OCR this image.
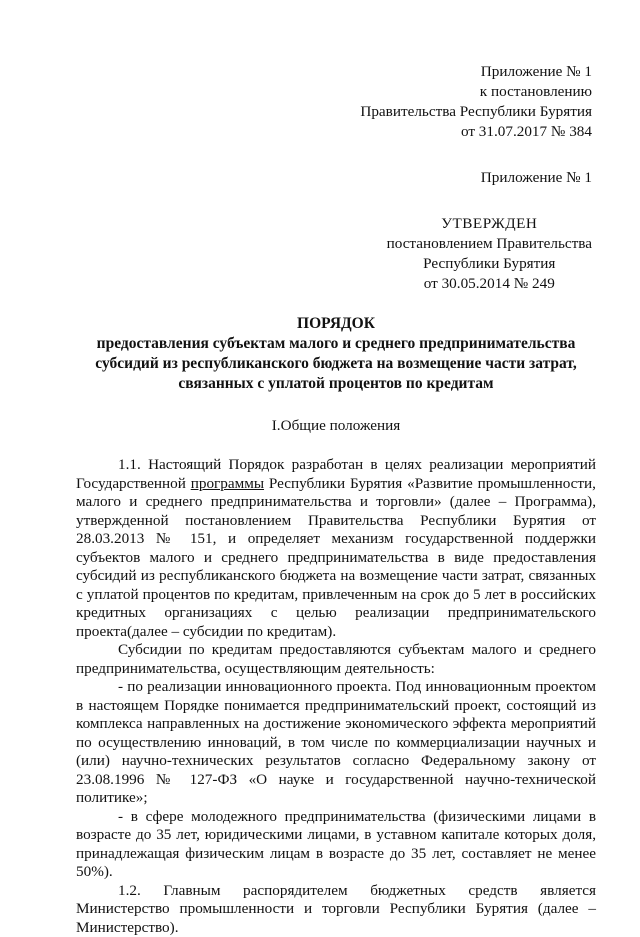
Приложение № 1
к постановлению
Правительства Республики Бурятия
от 31.07.2017 № 384
Приложение № 1
УТВЕРЖДЕН
постановлением Правительства
Республики Бурятия
от 30.05.2014 № 249
ПОРЯДОК
предоставления субъектам малого и среднего предпринимательства
субсидий из республиканского бюджета на возмещение части затрат,
связанных с уплатой процентов по кредитам
I.Общие положения

1.1. Настоящий Порядок разработан в целях реализации мероприятий Государственной программы Республики Бурятия «Развитие промышленности, малого и среднего предпринимательства и торговли» (далее – Программа), утвержденной постановлением Правительства Республики Бурятия от 28.03.2013 № 151, и определяет механизм государственной поддержки субъектов малого и среднего предпринимательства в виде предоставления субсидий из республиканского бюджета на возмещение части затрат, связанных с уплатой процентов по кредитам, привлеченным на срок до 5 лет в российских кредитных организациях с целью реализации предпринимательского проекта(далее – субсидии по кредитам).

Субсидии по кредитам предоставляются субъектам малого и среднего предпринимательства, осуществляющим деятельность:

- по реализации инновационного проекта. Под инновационным проектом в настоящем Порядке понимается предпринимательский проект, состоящий из комплекса направленных на достижение экономического эффекта мероприятий по осуществлению инноваций, в том числе по коммерциализации научных и (или) научно-технических результатов согласно Федеральному закону от 23.08.1996 № 127-ФЗ «О науке и государственной научно-технической политике»;

- в сфере молодежного предпринимательства (физическими лицами в возрасте до 35 лет, юридическими лицами, в уставном капитале которых доля, принадлежащая физическим лицам в возрасте до 35 лет, составляет не менее 50%).

1.2. Главным распорядителем бюджетных средств является Министерство промышленности и торговли Республики Бурятия (далее – Министерство).
